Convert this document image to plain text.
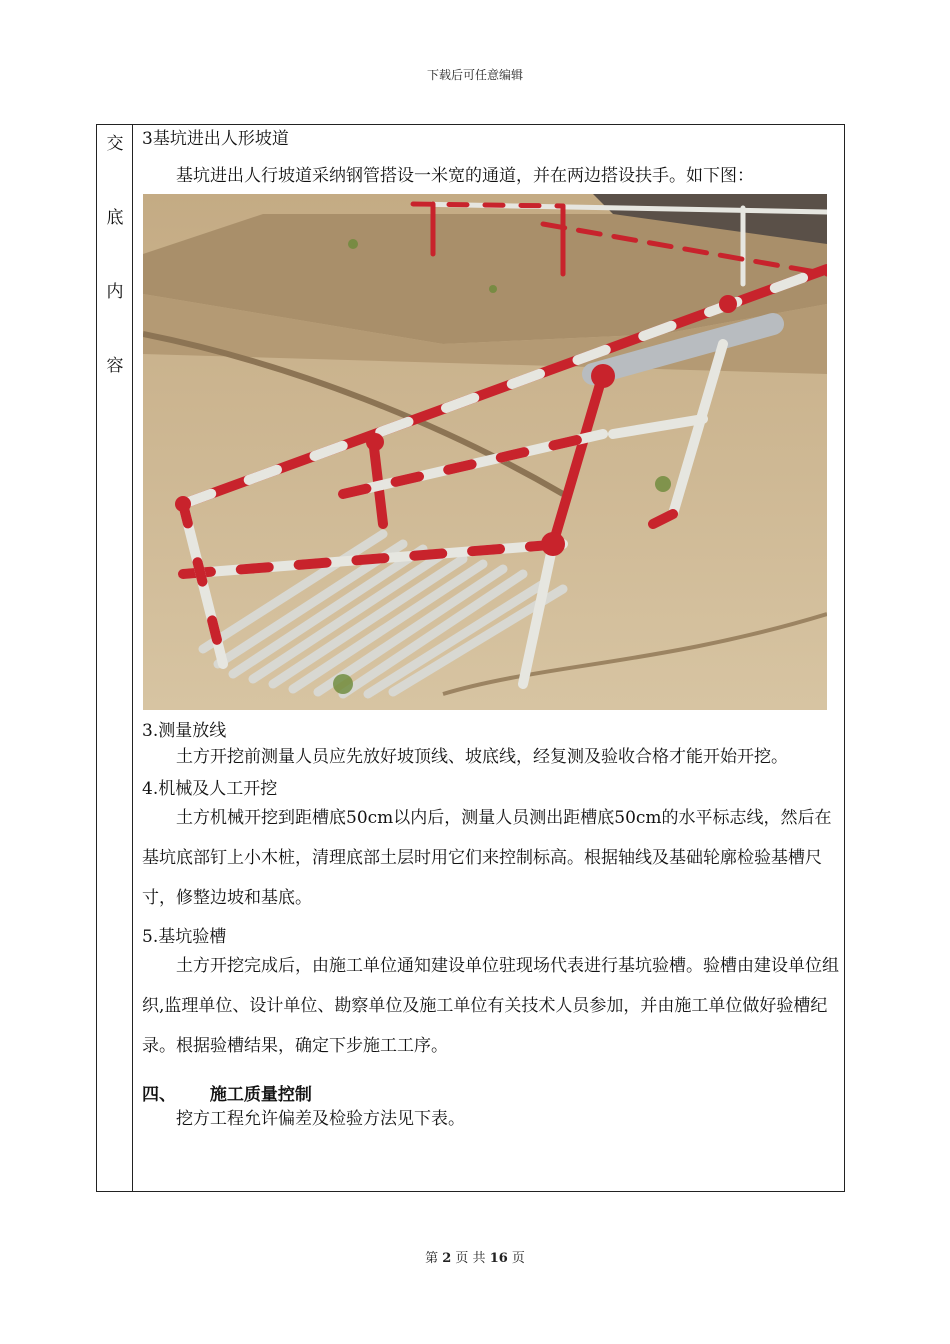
下载后可任意编辑
交
底
内
容

3基坑进出人形坡道

基坑进出人行坡道采纳钢管搭设一米宽的通道，并在两边搭设扶手。如下图：

3.测量放线

土方开挖前测量人员应先放好坡顶线、坡底线，经复测及验收合格才能开始开挖。

4.机械及人工开挖

土方机械开挖到距槽底50cm以内后，测量人员测出距槽底50cm的水平标志线，然后在基坑底部钉上小木桩，清理底部土层时用它们来控制标高。根据轴线及基础轮廓检验基槽尺寸，修整边坡和基底。

5.基坑验槽

土方开挖完成后，由施工单位通知建设单位驻现场代表进行基坑验槽。验槽由建设单位组织,监理单位、设计单位、勘察单位及施工单位有关技术人员参加，并由施工单位做好验槽纪录。根据验槽结果，确定下步施工工序。

四、 施工质量控制

挖方工程允许偏差及检验方法见下表。

第 2 页 共 16 页
